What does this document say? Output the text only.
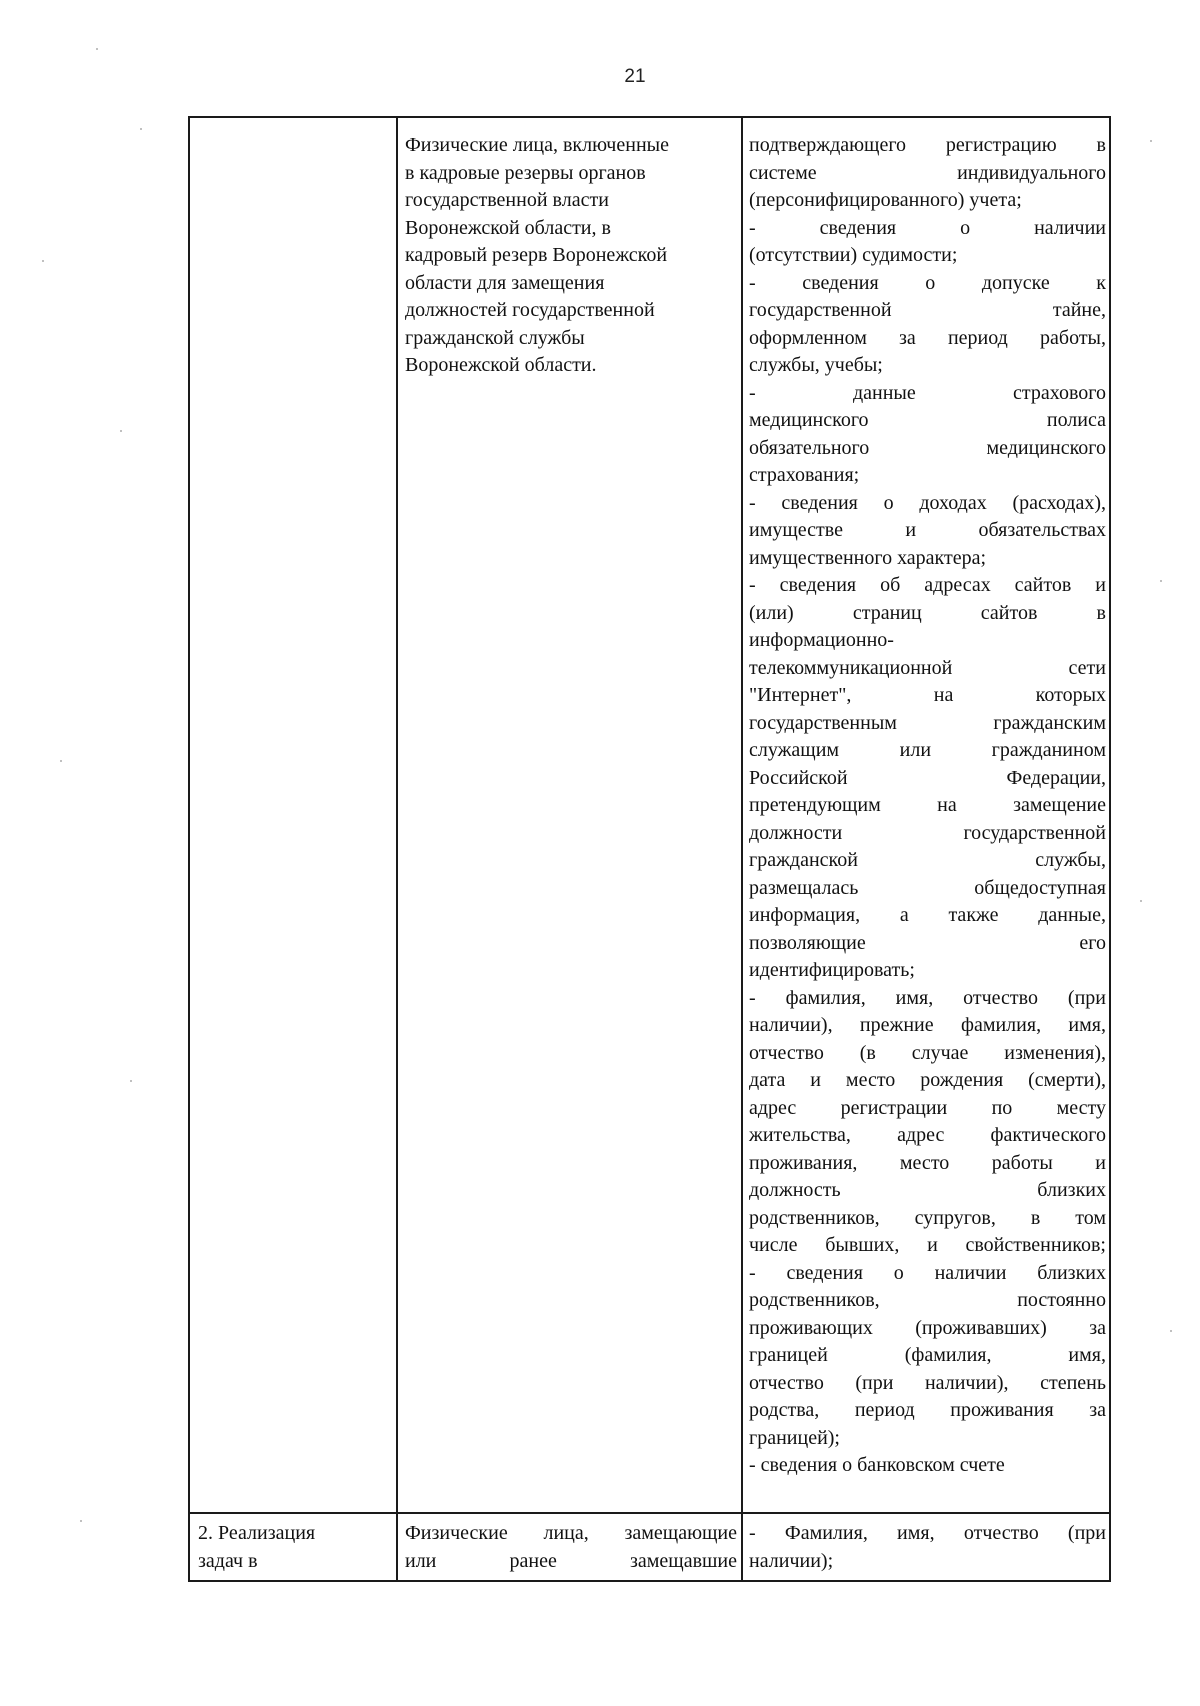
21
Физические лица, включенные
в кадровые резервы органов
государственной власти
Воронежской области, в
кадровый резерв Воронежской
области для замещения
должностей государственной
гражданской службы
Воронежской области.
подтверждающего регистрацию в
системе индивидуального
(персонифицированного) учета;
- сведения о наличии
(отсутствии) судимости;
- сведения о допуске к
государственной тайне,
оформленном за период работы,
службы, учебы;
- данные страхового
медицинского полиса
обязательного медицинского
страхования;
- сведения о доходах (расходах),
имуществе и обязательствах
имущественного характера;
- сведения об адресах сайтов и
(или) страниц сайтов в
информационно-
телекоммуникационной сети
"Интернет", на которых
государственным гражданским
служащим или гражданином
Российской Федерации,
претендующим на замещение
должности государственной
гражданской службы,
размещалась общедоступная
информация, а также данные,
позволяющие его
идентифицировать;
- фамилия, имя, отчество (при
наличии), прежние фамилия, имя,
отчество (в случае изменения),
дата и место рождения (смерти),
адрес регистрации по месту
жительства, адрес фактического
проживания, место работы и
должность близких
родственников, супругов, в том
числе бывших, и свойственников;
- сведения о наличии близких
родственников, постоянно
проживающих (проживавших) за
границей (фамилия, имя,
отчество (при наличии), степень
родства, период проживания за
границей);
- сведения о банковском счете
2. Реализация
задач в
Физические лица, замещающие
или ранее замещавшие
- Фамилия, имя, отчество (при
наличии);
